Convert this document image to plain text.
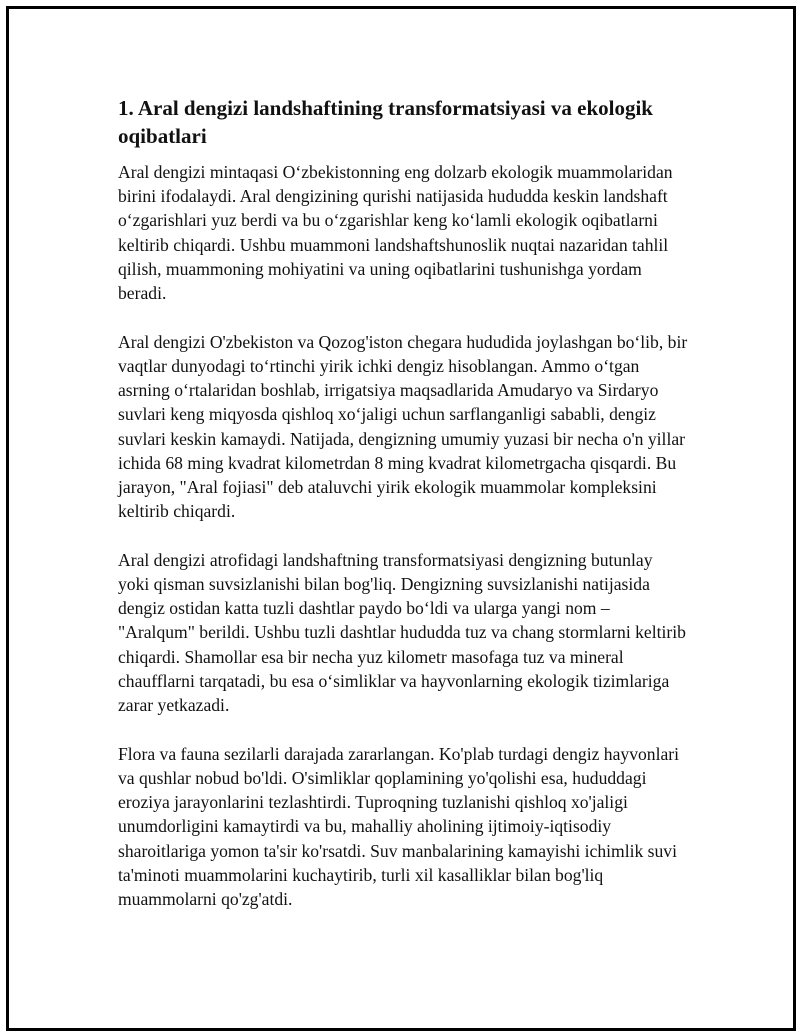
1. Aral dengizi landshaftining transformatsiyasi va ekologik oqibatlari

Aral dengizi mintaqasi O‘zbekistonning eng dolzarb ekologik muammolaridan birini ifodalaydi. Aral dengizining qurishi natijasida hududda keskin landshaft o‘zgarishlari yuz berdi va bu o‘zgarishlar keng ko‘lamli ekologik oqibatlarni keltirib chiqardi. Ushbu muammoni landshaftshunoslik nuqtai nazaridan tahlil qilish, muammoning mohiyatini va uning oqibatlarini tushunishga yordam beradi.

Aral dengizi O'zbekiston va Qozog'iston chegara hududida joylashgan bo‘lib, bir vaqtlar dunyodagi to‘rtinchi yirik ichki dengiz hisoblangan. Ammo o‘tgan asrning o‘rtalaridan boshlab, irrigatsiya maqsadlarida Amudaryo va Sirdaryo suvlari keng miqyosda qishloq xo‘jaligi uchun sarflanganligi sababli, dengiz suvlari keskin kamaydi. Natijada, dengizning umumiy yuzasi bir necha o'n yillar ichida 68 ming kvadrat kilometrdan 8 ming kvadrat kilometrgacha qisqardi. Bu jarayon, "Aral fojiasi" deb ataluvchi yirik ekologik muammolar kompleksini keltirib chiqardi.

Aral dengizi atrofidagi landshaftning transformatsiyasi dengizning butunlay yoki qisman suvsizlanishi bilan bog'liq. Dengizning suvsizlanishi natijasida dengiz ostidan katta tuzli dashtlar paydo bo‘ldi va ularga yangi nom – "Aralqum" berildi. Ushbu tuzli dashtlar hududda tuz va chang stormlarni keltirib chiqardi. Shamollar esa bir necha yuz kilometr masofaga tuz va mineral chaufflarni tarqatadi, bu esa o‘simliklar va hayvonlarning ekologik tizimlariga zarar yetkazadi.

Flora va fauna sezilarli darajada zararlangan. Ko'plab turdagi dengiz hayvonlari va qushlar nobud bo'ldi. O'simliklar qoplamining yo'qolishi esa, hududdagi eroziya jarayonlarini tezlashtirdi. Tuproqning tuzlanishi qishloq xo'jaligi unumdorligini kamaytirdi va bu, mahalliy aholining ijtimoiy-iqtisodiy sharoitlariga yomon ta'sir ko'rsatdi. Suv manbalarining kamayishi ichimlik suvi ta'minoti muammolarini kuchaytirib, turli xil kasalliklar bilan bog'liq muammolarni qo'zg'atdi.
